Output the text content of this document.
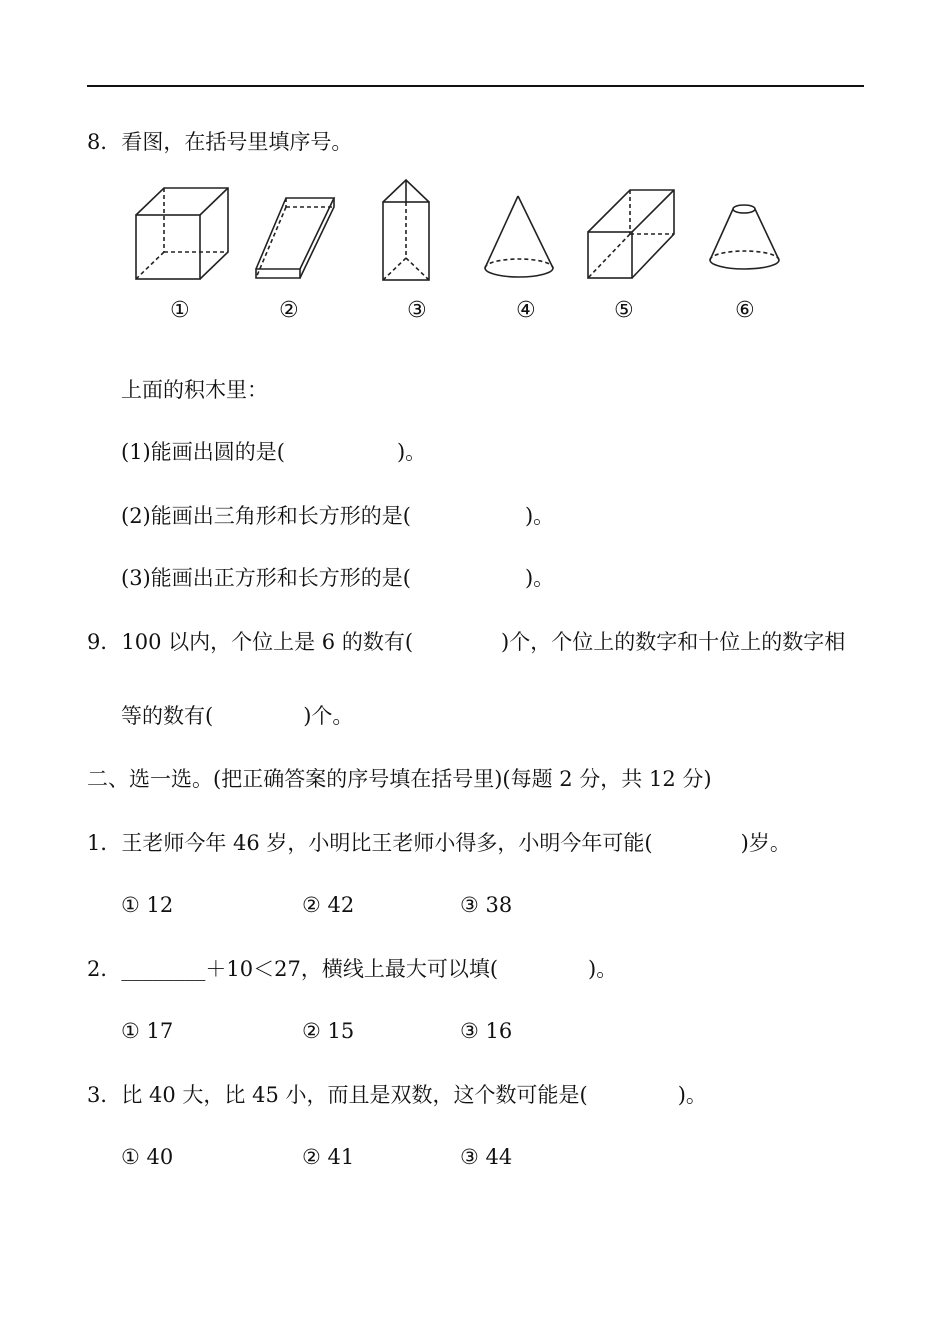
8．看图，在括号里填序号。
①	②	③	④	⑤	⑥
上面的积木里：
(1)能画出圆的是(	)。
(2)能画出三角形和长方形的是(	)。
(3)能画出正方形和长方形的是(	)。
9．100 以内，个位上是 6 的数有(	)个，个位上的数字和十位上的数字相
等的数有(	)个。
二、选一选。(把正确答案的序号填在括号里)(每题 2 分，共 12 分)
1．王老师今年 46 岁，小明比王老师小得多，小明今年可能(	)岁。
① 12	② 42	③ 38
2．________＋10＜27，横线上最大可以填(	)。
① 17	② 15	③ 16
3．比 40 大，比 45 小，而且是双数，这个数可能是(	)。
① 40	② 41	③ 44
